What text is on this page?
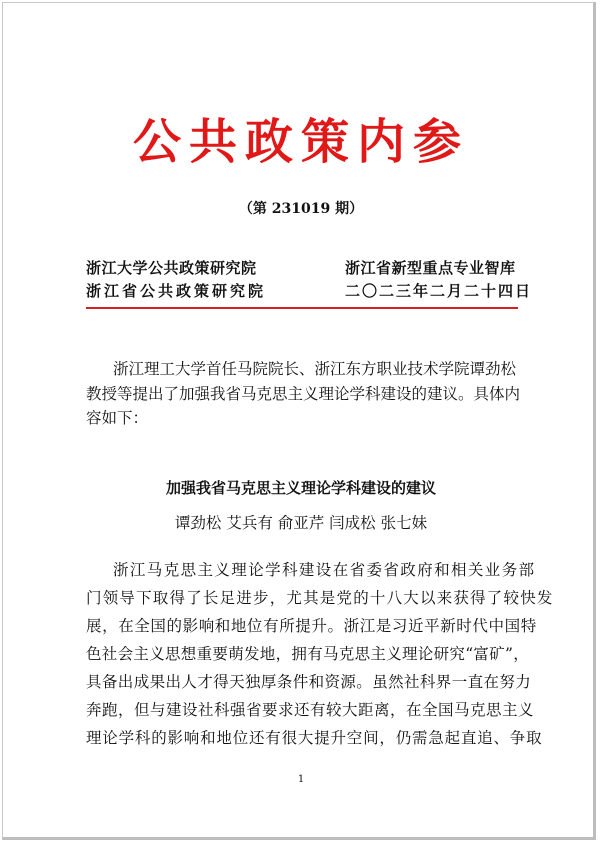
公共政策内参
（第 231019 期）
浙江大学公共政策研究院
浙江省公共政策研究院
浙江省新型重点专业智库
二〇二三年二月二十四日
浙江理工大学首任马院院长、浙江东方职业技术学院谭劲松
教授等提出了加强我省马克思主义理论学科建设的建议。具体内
容如下：
加强我省马克思主义理论学科建设的建议
谭劲松 艾兵有 俞亚芹 闫成松 张七妹
浙江马克思主义理论学科建设在省委省政府和相关业务部
门领导下取得了长足进步，尤其是党的十八大以来获得了较快发
展，在全国的影响和地位有所提升。浙江是习近平新时代中国特
色社会主义思想重要萌发地，拥有马克思主义理论研究“富矿”，
具备出成果出人才得天独厚条件和资源。虽然社科界一直在努力
奔跑，但与建设社科强省要求还有较大距离，在全国马克思主义
理论学科的影响和地位还有很大提升空间，仍需急起直追、争取
1
